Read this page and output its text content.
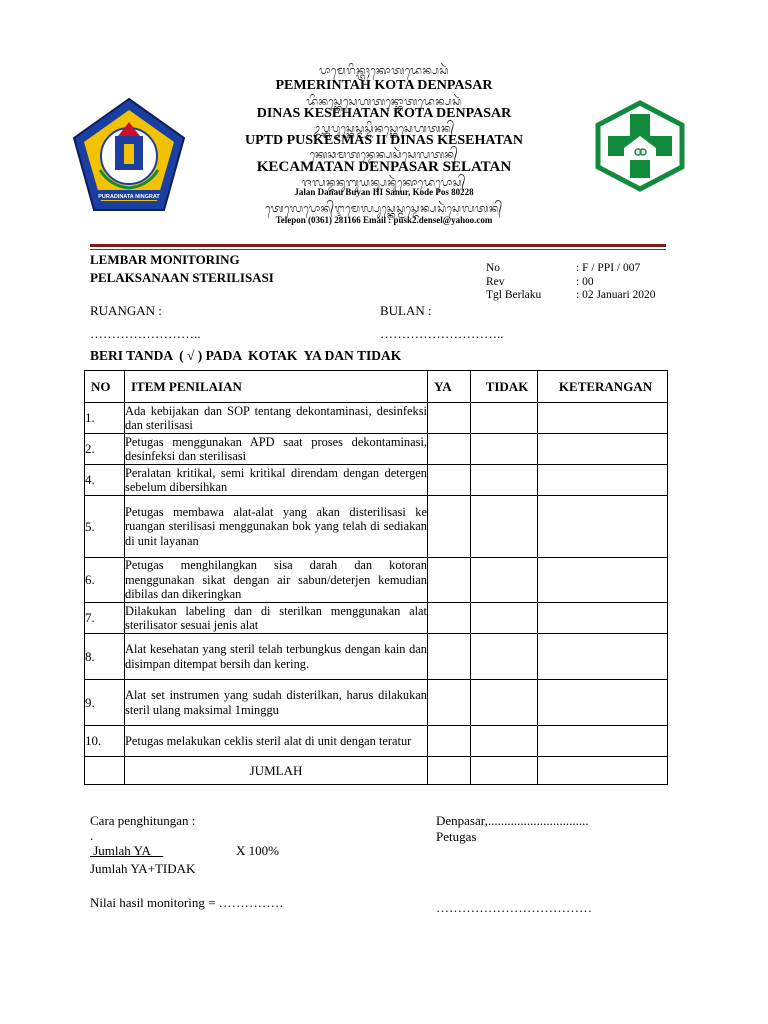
PURADINATA NINGRAT
ᬧᬵᬫᬾᬭᬶᬦ᭄ᬢᬄᬓᭀᬢᬤᬾᬦ᭄ᬧᬲᬃ
ᬤᬶᬦᬲ᭄ᬓᬾᬲᬾᬳᬢᬦ᭄ᬓᭀᬢᬤᬾᬦ᭄ᬧᬲᬃ
ᬉᬧ᭄ᬢ᭄ᬤᬧᬸᬲ᭄ᬓᬾᬲ᭄ᬫᬲ᭄ᬤᬶᬦᬲ᭄ᬓᬾᬲᬾᬳᬢᬦ᭄
ᬓᬾᬘᬫᬢᬦ᭄ᬤᬾᬦ᭄ᬧᬲᬃᬲᬾᬮᬢᬦ᭄
ᬚᬮᬦ᭄ᬤᬦᬸᬩᬸᬬᬦ᭄ᬲᬦᬸᬃᬓᭀᬤᬾᬧᭀᬲ᭄
ᬢᬾᬮᬾᬧᭀᬦ᭄ᬇᬫᬾᬮ᭄ᬧᬸᬲ᭄ᬓᬾᬲ᭄ᬫᬲ᭄ᬤᬾᬦ᭄ᬧᬲᬃᬲᬾᬮᬢᬦ᭄
PEMERINTAH KOTA DENPASAR
DINAS KESEHATAN KOTA DENPASAR
UPTD PUSKESMAS II DINAS KESEHATAN
KECAMATAN DENPASAR SELATAN
Jalan Danau Buyan III Sanur, Kode Pos 80228
Telepon (0361) 281166 Email : pusk2.densel@yahoo.com
LEMBAR MONITORING
PELAKSANAAN STERILISASI
No	: F / PPI / 007
Rev	: 00
Tgl Berlaku	: 02 Januari 2020
RUANGAN :
……………………..
BULAN :
………………………..
BERI TANDA  ( √ ) PADA  KOTAK  YA DAN TIDAK
NO	ITEM PENILAIAN	YA	TIDAK	KETERANGAN

1.	Ada kebijakan dan SOP tentang dekontaminasi, desinfeksi dan sterilisasi			
2.	Petugas menggunakan APD saat proses dekontaminasi, desinfeksi dan sterilisasi			
4.	Peralatan kritikal, semi kritikal direndam dengan detergen sebelum dibersihkan			
5.	Petugas membawa alat-alat yang akan disterilisasi ke ruangan sterilisasi menggunakan bok yang telah di sediakan di unit layanan			
6.	Petugas menghilangkan sisa darah dan kotoran menggunakan sikat dengan air sabun/deterjen kemudian dibilas dan dikeringkan			
7.	Dilakukan labeling dan di sterilkan menggunakan alat sterilisator sesuai jenis alat			
8.	Alat kesehatan yang steril telah terbungkus dengan kain dan disimpan ditempat bersih dan kering.			
9.	Alat set instrumen yang sudah disterilkan, harus dilakukan steril ulang maksimal 1minggu			
10.	Petugas melakukan ceklis steril alat di unit dengan teratur			
	JUMLAH			
Cara penghitungan :
.
Jumlah YA	X 100%
Jumlah YA+TIDAK
Nilai hasil monitoring = ……………
Denpasar,...............................
Petugas
………………………………
